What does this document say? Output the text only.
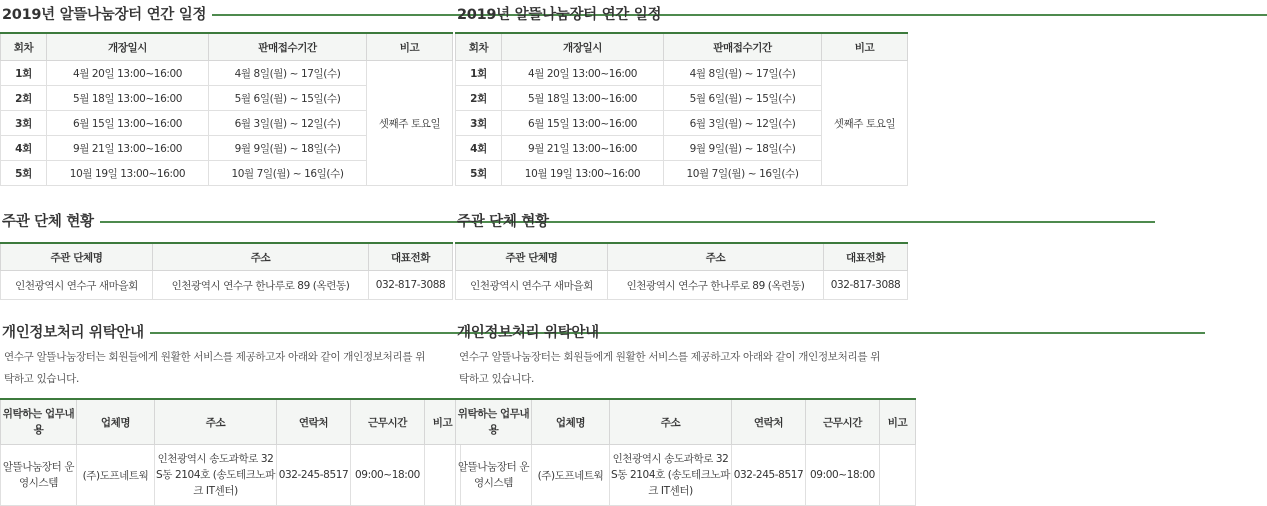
2019년 알뜰나눔장터 연간 일정
회차	개장일시	판매접수기간	비고
1회	4월 20일 13:00~16:00	4월 8일(월) ~ 17일(수)	셋째주 토요일
2회	5월 18일 13:00~16:00	5월 6일(월) ~ 15일(수)	
3회	6월 15일 13:00~16:00	6월 3일(월) ~ 12일(수)	
4회	9월 21일 13:00~16:00	9월 9일(월) ~ 18일(수)	
5회	10월 19일 13:00~16:00	10월 7일(월) ~ 16일(수)	
주관 단체 현황
주관 단체명	주소	대표전화
인천광역시 연수구 새마을회	인천광역시 연수구 한나루로 89 (옥련동)	032-817-3088
개인정보처리 위탁안내
연수구 알뜰나눔장터는 회원들에게 원활한 서비스를 제공하고자 아래와 같이 개인정보처리를 위
탁하고 있습니다.
위탁하는 업무내용	업체명	주소	연락처	근무시간	비고
알뜰나눔장터 운영시스템	(주)도프네트웍	인천광역시 송도과학로 32 S동 2104호 (송도테크노파크 IT센터)	032-245-8517	09:00~18:00	
2019년 알뜰나눔장터 연간 일정
회차	개장일시	판매접수기간	비고
1회	4월 20일 13:00~16:00	4월 8일(월) ~ 17일(수)	셋째주 토요일
2회	5월 18일 13:00~16:00	5월 6일(월) ~ 15일(수)	
3회	6월 15일 13:00~16:00	6월 3일(월) ~ 12일(수)	
4회	9월 21일 13:00~16:00	9월 9일(월) ~ 18일(수)	
5회	10월 19일 13:00~16:00	10월 7일(월) ~ 16일(수)	
주관 단체 현황
주관 단체명	주소	대표전화
인천광역시 연수구 새마을회	인천광역시 연수구 한나루로 89 (옥련동)	032-817-3088
개인정보처리 위탁안내
연수구 알뜰나눔장터는 회원들에게 원활한 서비스를 제공하고자 아래와 같이 개인정보처리를 위
탁하고 있습니다.
위탁하는 업무내용	업체명	주소	연락처	근무시간	비고
알뜰나눔장터 운영시스템	(주)도프네트웍	인천광역시 송도과학로 32 S동 2104호 (송도테크노파크 IT센터)	032-245-8517	09:00~18:00	
